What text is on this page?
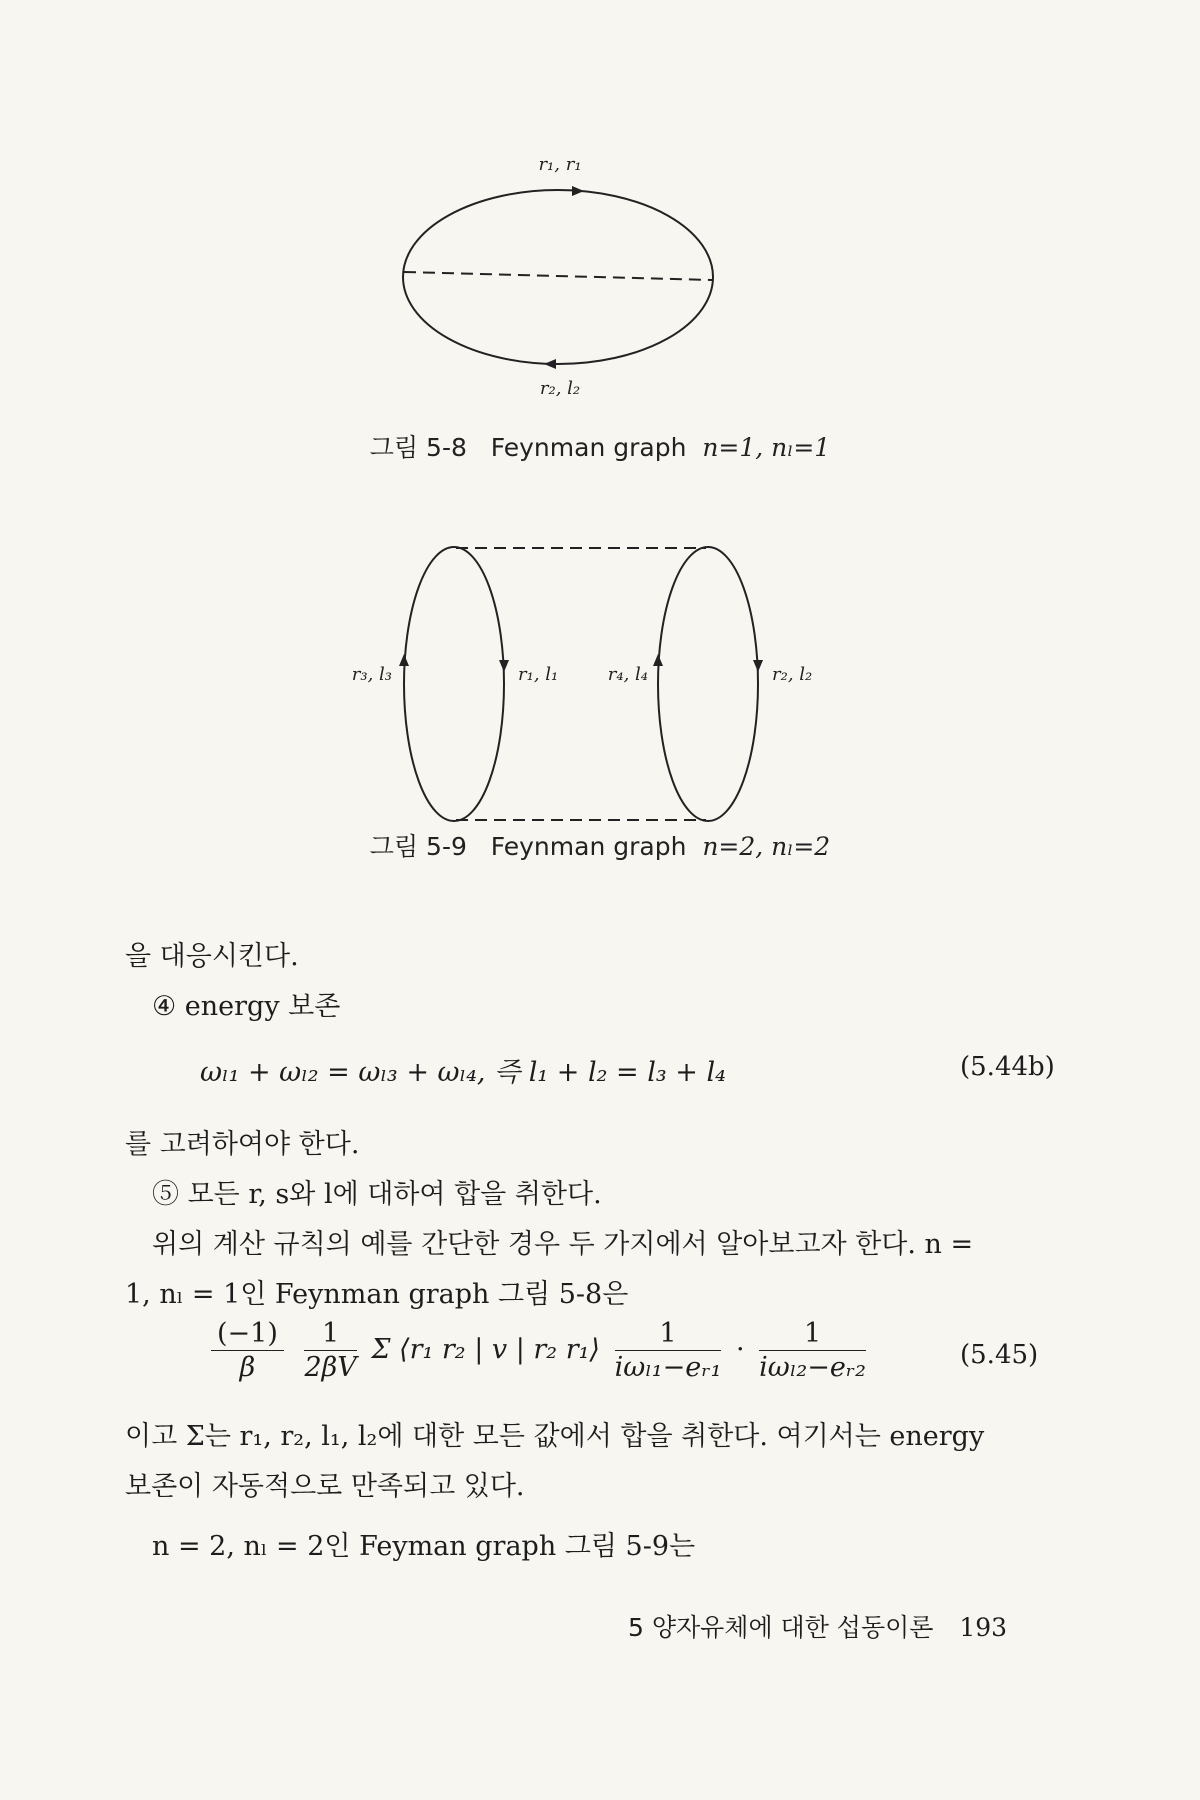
r₁, r₁
r₂, l₂
r₃, l₃	r₁, l₁	r₄, l₄	r₂, l₂
그림 5-8 Feynman graph n=1, nₗ=1
그림 5-9 Feynman graph n=2, nₗ=2
을 대응시킨다.
④ energy 보존
ωₗ₁ + ωₗ₂ = ωₗ₃ + ωₗ₄, 즉 l₁ + l₂ = l₃ + l₄	(5.44b)
를 고려하여야 한다.
⑤ 모든 r, s와 l에 대하여 합을 취한다.
위의 계산 규칙의 예를 간단한 경우 두 가지에서 알아보고자 한다. n =
1, nₗ = 1인 Feynman graph 그림 5-8은
$\frac{(-1)}{\beta}$
$\frac{1}{2\beta V}$ Σ ⟨r₁ r₂ | v | r₂ r₁⟩ $\frac{1}{\text{iωₗ₁−eᵣ₁}} \cdot \frac{1}{\text{iωₗ₂−eᵣ₂}}$	(5.45)
이고 Σ는 r₁, r₂, l₁, l₂에 대한 모든 값에서 합을 취한다. 여기서는 energy
보존이 자동적으로 만족되고 있다.
n = 2, nₗ = 2인 Feyman graph 그림 5-9는
5 양자유체에 대한 섭동이론 193
